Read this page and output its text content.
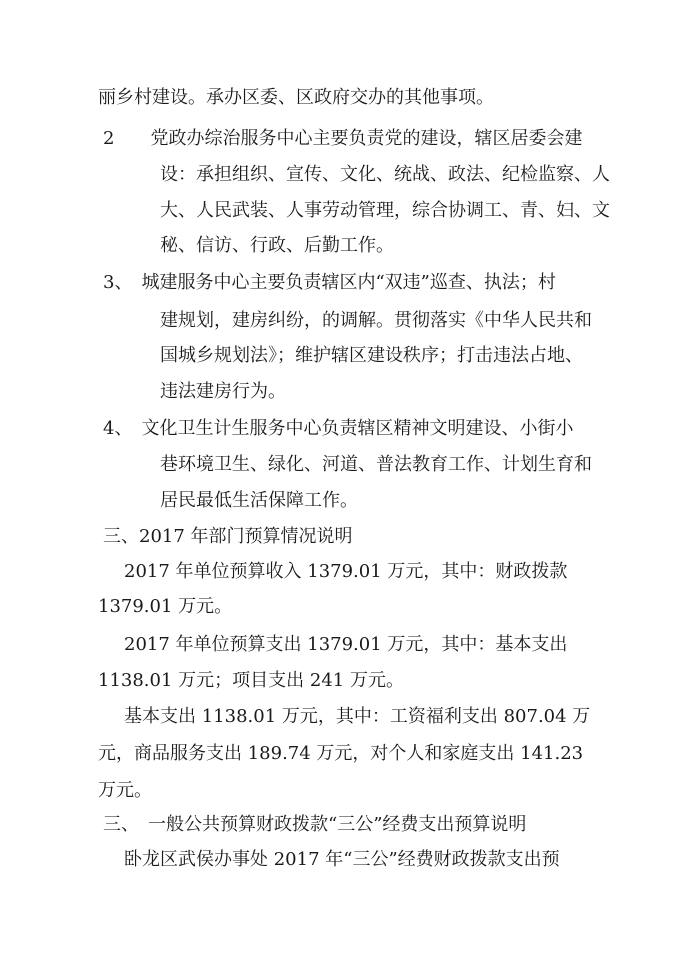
丽乡村建设。承办区委、区政府交办的其他事项。
2　　党政办综治服务中心主要负责党的建设，辖区居委会建
设：承担组织、宣传、文化、统战、政法、纪检监察、人
大、人民武装、人事劳动管理，综合协调工、青、妇、文
秘、信访、行政、后勤工作。
3、　城建服务中心主要负责辖区内“双违”巡查、执法；村
建规划，建房纠纷，的调解。贯彻落实《中华人民共和
国城乡规划法》；维护辖区建设秩序；打击违法占地、
违法建房行为。
4、　文化卫生计生服务中心负责辖区精神文明建设、小街小
巷环境卫生、绿化、河道、普法教育工作、计划生育和
居民最低生活保障工作。
三、2017 年部门预算情况说明
2017 年单位预算收入 1379.01 万元，其中：财政拨款
1379.01 万元。
2017 年单位预算支出 1379.01 万元，其中：基本支出
1138.01 万元；项目支出 241 万元。
基本支出 1138.01 万元，其中：工资福利支出 807.04 万
元，商品服务支出 189.74 万元，对个人和家庭支出 141.23
万元。
三、　一般公共预算财政拨款“三公”经费支出预算说明
卧龙区武侯办事处 2017 年“三公”经费财政拨款支出预
